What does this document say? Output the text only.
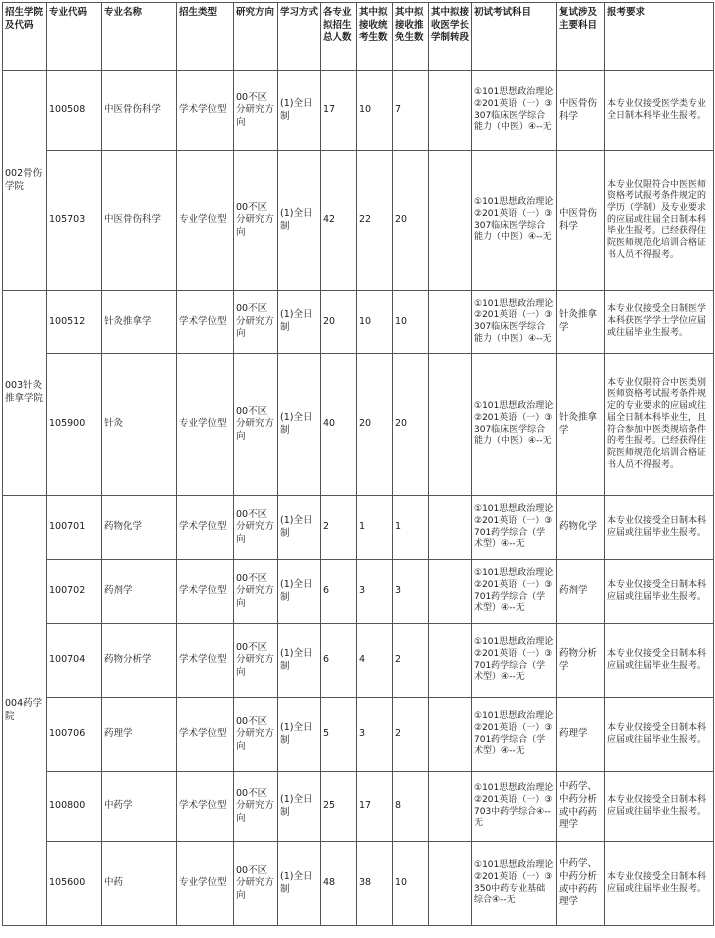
招生学院及代码	专业代码	专业名称	招生类型	研究方向	学习方式	各专业拟招生总人数	其中拟接收统考生数	其中拟接收推免生数	其中拟接收医学长学制转段	初试考试科目	复试涉及主要科目	报考要求
002骨伤学院	100508	中医骨伤科学	学术学位型	00不区分研究方向	(1)全日制	17	10	7		①101思想政治理论②201英语（一）③307临床医学综合能力（中医）④--无	中医骨伤科学	本专业仅接受医学类专业全日制本科毕业生报考。
	105703	中医骨伤科学	专业学位型	00不区分研究方向	(1)全日制	42	22	20		①101思想政治理论②201英语（一）③307临床医学综合能力（中医）④--无	中医骨伤科学	本专业仅限符合中医医师资格考试报考条件规定的学历（学制）及专业要求的应届或往届全日制本科毕业生报考。已经获得住院医师规范化培训合格证书人员不得报考。
003针灸推拿学院	100512	针灸推拿学	学术学位型	00不区分研究方向	(1)全日制	20	10	10		①101思想政治理论②201英语（一）③307临床医学综合能力（中医）④--无	针灸推拿学	本专业仅接受全日制医学本科获医学学士学位应届或往届毕业生报考。
	105900	针灸	专业学位型	00不区分研究方向	(1)全日制	40	20	20		①101思想政治理论②201英语（一）③307临床医学综合能力（中医）④--无	针灸推拿学	本专业仅限符合中医类别医师资格考试报考条件规定的专业要求的应届或往届全日制本科毕业生，且符合参加中医类规培条件的考生报考。已经获得住院医师规范化培训合格证书人员不得报考。
004药学院	100701	药物化学	学术学位型	00不区分研究方向	(1)全日制	2	1	1		①101思想政治理论②201英语（一）③701药学综合（学术型）④--无	药物化学	本专业仅接受全日制本科应届或往届毕业生报考。
	100702	药剂学	学术学位型	00不区分研究方向	(1)全日制	6	3	3		①101思想政治理论②201英语（一）③701药学综合（学术型）④--无	药剂学	本专业仅接受全日制本科应届或往届毕业生报考。
	100704	药物分析学	学术学位型	00不区分研究方向	(1)全日制	6	4	2		①101思想政治理论②201英语（一）③701药学综合（学术型）④--无	药物分析学	本专业仅接受全日制本科应届或往届毕业生报考。
	100706	药理学	学术学位型	00不区分研究方向	(1)全日制	5	3	2		①101思想政治理论②201英语（一）③701药学综合（学术型）④--无	药理学	本专业仅接受全日制本科应届或往届毕业生报考。
	100800	中药学	学术学位型	00不区分研究方向	(1)全日制	25	17	8		①101思想政治理论②201英语（一）③703中药学综合④--无	中药学、中药分析或中药药理学	本专业仅接受全日制本科应届或往届毕业生报考。
	105600	中药	专业学位型	00不区分研究方向	(1)全日制	48	38	10		①101思想政治理论②201英语（一）③350中药专业基础综合④--无	中药学、中药分析或中药药理学	本专业仅接受全日制本科应届或往届毕业生报考。
